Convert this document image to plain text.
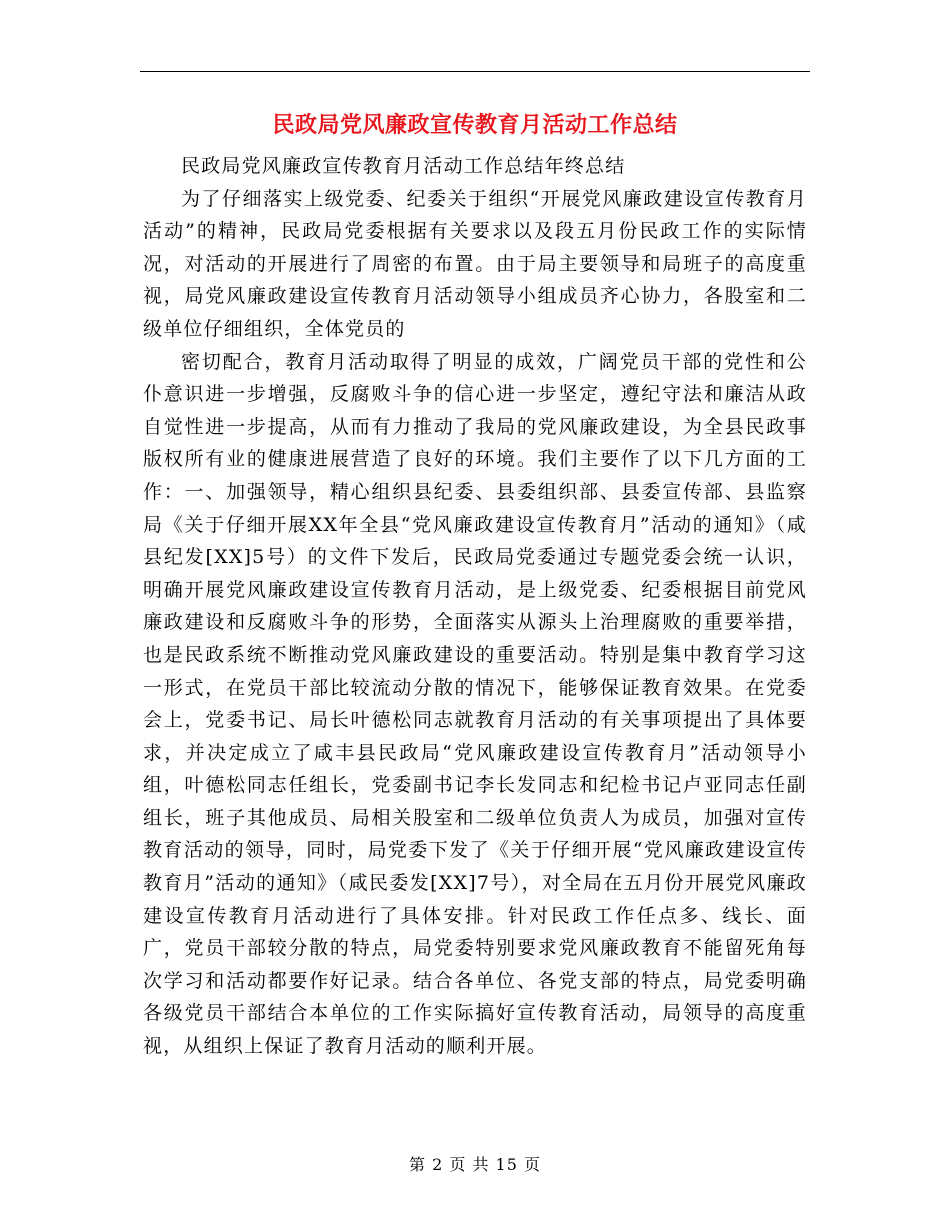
民政局党风廉政宣传教育月活动工作总结

民政局党风廉政宣传教育月活动工作总结年终总结

为了仔细落实上级党委、纪委关于组织“开展党风廉政建设宣传教育月活动”的精神，民政局党委根据有关要求以及段五月份民政工作的实际情况，对活动的开展进行了周密的布置。由于局主要领导和局班子的高度重视，局党风廉政建设宣传教育月活动领导小组成员齐心协力，各股室和二级单位仔细组织，全体党员的

密切配合，教育月活动取得了明显的成效，广阔党员干部的党性和公仆意识进一步增强，反腐败斗争的信心进一步坚定，遵纪守法和廉洁从政自觉性进一步提高，从而有力推动了我局的党风廉政建设，为全县民政事版权所有业的健康进展营造了良好的环境。我们主要作了以下几方面的工作：一、加强领导，精心组织县纪委、县委组织部、县委宣传部、县监察局《关于仔细开展XX年全县“党风廉政建设宣传教育月”活动的通知》（咸县纪发[XX]5号）的文件下发后，民政局党委通过专题党委会统一认识，明确开展党风廉政建设宣传教育月活动，是上级党委、纪委根据目前党风廉政建设和反腐败斗争的形势，全面落实从源头上治理腐败的重要举措，也是民政系统不断推动党风廉政建设的重要活动。特别是集中教育学习这一形式，在党员干部比较流动分散的情况下，能够保证教育效果。在党委会上，党委书记、局长叶德松同志就教育月活动的有关事项提出了具体要求，并决定成立了咸丰县民政局“党风廉政建设宣传教育月”活动领导小组，叶德松同志任组长，党委副书记李长发同志和纪检书记卢亚同志任副组长，班子其他成员、局相关股室和二级单位负责人为成员，加强对宣传教育活动的领导，同时，局党委下发了《关于仔细开展“党风廉政建设宣传教育月”活动的通知》（咸民委发[XX]7号），对全局在五月份开展党风廉政建设宣传教育月活动进行了具体安排。针对民政工作任点多、线长、面广，党员干部较分散的特点，局党委特别要求党风廉政教育不能留死角每次学习和活动都要作好记录。结合各单位、各党支部的特点，局党委明确各级党员干部结合本单位的工作实际搞好宣传教育活动，局领导的高度重视，从组织上保证了教育月活动的顺利开展。

第 2 页 共 15 页
